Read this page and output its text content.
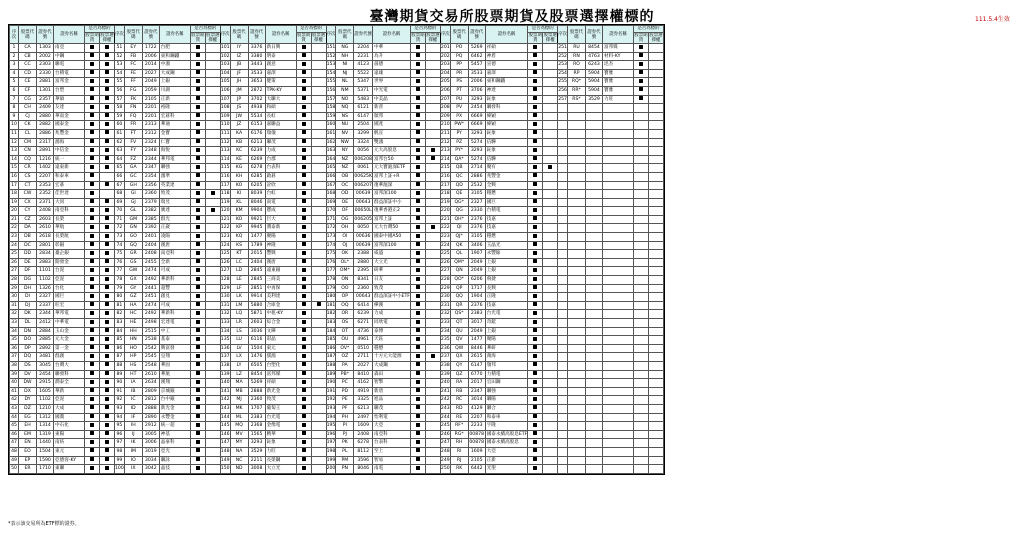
臺灣期貨交易所股票期貨及股票選擇權標的	111.5.4生效
序次	股票代碼	證券代號	證券名稱	是否為標的		序次	股票代碼	證券代號	證券名稱	是否為標的		序次	股票代碼	證券代號	證券名稱	是否為標的		序次	股票代碼	證券代號	證券名稱	是否為標的		序次	股票代碼	證券代號	證券名稱	是否為標的		序次	股票代碼	證券代號	證券名稱	是否為標的	
				股票期貨	股票選擇權					股票期貨	股票選擇權					股票期貨	股票選擇權					股票期貨	股票選擇權					股票期貨	股票選擇權					股票期貨	股票選擇權
1	CA	1303	南亞			51	EY	1722	台肥			101	IY	3376	新日興			151	NG	2204	中華			201	PO	5269	祥碩			251	RU	8454	富邦媒		
2	CB	2002	中鋼			52	FB	2006	東和鋼鐵			102	IZ	3380	明泰			152	NH	2231	為升			202	PQ	6462	神盾			252	RN	4763	材料-KY		
3	CC	2303	聯電			53	FC	2014	中鴻			103	JB	3443	創意			153	NI	4123	晟德			203	PP	5457	宣德			253	RO	6243	迅杰		
4	CD	2330	台積電			54	FE	2027	大成鋼			104	JF	3533	嘉澤			154	NJ	5522	遠雄			204	PR	3533	嘉澤			254	RP	5904	寶雅		
5	CE	2881	富邦金			55	FF	2049	上銀			105	JH	3653	健策			155	NL	5347	世界			205	PS	2006	東和鋼鐵			255	RQ*	5904	寶雅		
6	CF	1301	台塑			56	FG	2059	川湖			106	JM	2872	TPK-KY			156	NM	5371	中光電			206	PT	3706	神達			256	RR*	5904	寶雅		
7	CG	2357	華碩			57	FK	2105	正新			107	JP	3702	大聯大			157	NO	5483	中美晶			207	PU	3293	鈊象			257	RS*	3529	力旺		
8	CH	2409	友達			58	FN	2201	裕隆			108	JS	4938	和碩			158	NQ	6121	新普			208	PV	2454	聯發科								
9	CJ	2880	華南金			59	FQ	2201	宏碁科			109	JW	5534	長虹			159	NS	6147	頎邦			209	PX	6669	緯穎								
10	CK	2882	國泰金			60	FR	2313	華通			110	JZ	6153	嘉聯益			160	NU	2504	國產			210	PW*	6669	緯穎								
11	CL	2886	兆豐金			61	FT	2312	金寶			111	KA	6176	瑞儀			161	NV	3299	帆宣			211	PY	3293	鈊象								
12	CM	2317	鴻海			62	FV	2324	仁寶			112	KB	6213	聯茂			162	NW	3324	雙鴻			212	PZ	5274	信驊								
13	CN	2891	中信金			63	FY	2348	海悅			113	KC	6239	力成			163	NY	0056	元大高股息			213	PY*	3293	鈊象								
14	CQ	1216	統一			64	FZ	2344	華邦電			114	KE	6269	台郡			164	NZ	006208	富邦台50			214	QA*	5274	信驊								
15	CR	1402	遠東新			65	GA	2347	聯強			115	KG	6278	台表科			165	NZ	0061	元大寶滬深ETF			215	QB	2714	聚有								
16	CS	2207	和泰車			66	GC	2354	鴻準			116	KH	6285	啟碁			166	OB	00625K	富邦上証+R			216	QC	2886	兆豐金								
17	CT	2353	宏碁			67	GH	2356	英業達			117	KO	6205	詮欣			167	OC	006207	復華滬深			217	QD	2532	全興								
18	CW	2352	佳世達			68	GI	2360	致茂			118	KI	8039	台虹			168	OD	00639	富邦深100			218	QE	3105	穩懋								
19	CX	2371	大同			69	GJ	2379	瑞昱			119	KL	8046	南電			169	OE	00643	群益深証中小			219	QG*	2327	國巨								
20	CY	2408	南亞科			70	GL	2382	廣達			120	KM	9904	寶成			170	OF	00650L	復華香港正2			220	QG	2330	台積電								
21	CZ	2603	長榮			71	GM	2385	群光			121	KO	9921	巨大			171	OG	006205	富邦上証			221	QH*	2376	技嘉								
22	DA	2610	華航			72	GN	2392	正崴			122	KP	9945	潤泰新			172	OH	0050	元大台灣50			222	QI	2376	技嘉								
23	DB	2618	長榮航			73	GO	2401	凌陽			123	KQ	1477	聚陽			173	OI	00636	國泰中國A50			223	QJ*	3105	穩懋								
24	DC	2801	彰銀			74	GQ	2404	漢唐			124	KS	1789	神隆			174	OJ	00639	富邦深100			224	QK	3406	玉晶光								
25	DD	2834	臺企銀			75	GR	2408	南亞科			125	KT	2015	豐興			175	OK	2388	威盛			225	QL	1907	永豐餘								
26	DE	2883	開發金			76	GS	2455	全新			126	LC	2404	漢唐			176	OL*	2880	大立光			226	QM*	2049	上銀								
27	DF	1101	台泥			77	GW	2474	可成			127	LD	2845	遠東銀			177	OM*	2395	研華			227	QN	2049	上銀								
28	DG	1102	亞泥			78	GX	2492	華新科			128	LE	2845	三商美			178	ON	8341	日友			228	QO*	6206	飛捷								
29	DH	1326	台化			79	GY	2441	超豐			129	LF	2851	中再保			179	OO	2360	致茂			229	QP	1717	長興								
30	DI	2327	國巨			80	GZ	2451	創見			130	LK	9914	美利達			180	OP	00643	群益深証中小ETF			230	QQ	1904	正隆								
31	DJ	2337	旺宏			81	HA	2474	可成			131	LM	5880	合庫金			181	OQ	6414	樺漢			231	QR	2376	技嘉								
32	DK	2344	華邦電			82	HC	2492	華新科			132	LQ	5871	中租-KY			182	OR	6239	力成			232	QS*	2383	台光電								
33	DL	2412	中華電			83	HE	2498	宏達電			133	LR	2603	綜合金			183	OS	6271	同欣電			233	QT	3017	奇鋐								
34	DN	2884	玉山金			84	HH	2515	中工			134	LS	3036	文曄			184	OT	4736	泰博			234	QU	2049	上銀								
35	DO	2885	元大金			85	HN	2538	基泰			135	LU	6116	彩晶			185	OU	4961	天鈺			235	QV	1477	聚陽								
36	DP	2892	第一金			86	HO	2542	興富發			136	LV	1504	東元			186	OV*	0510	穩懋			236	QW	8446	華研								
37	DQ	3481	群創			87	HP	2545	皇翔			137	LX	1476	儒鴻			187	OZ	2711	十方元大能源			237	QX	2615	萬海								
38	DS	3045	台灣大			88	HS	2548	華固			138	LY	6505	台塑化			188	PA	2027	大成鋼			238	QY	6147	頎邦								
39	DV	2454	聯發科			89	HT	2610	華航			139	LZ	8454	富邦媒			189	PB*	8410	森田			239	QZ	6770	力積電								
40	DW	2915	潤泰全			90	IA	2634	漢翔			140	MA	5269	祥碩			190	PC	4162	智擎			240	RA	2017	官田鋼								
41	DX	1605	華新			91	IB	2809	京城銀			141	MB	2888	新光金			191	PD	4919	新唐			241	RB	2347	聯強								
42	DY	1102	亞泥			92	IC	2812	台中銀			142	MJ	2360	致茂			192	PE	3325	旭品			242	RC	3014	聯陽								
43	DZ	1210	大成			93	ID	2888	新光金			143	MK	1707	葡萄王			193	PF	6213	聯茂			243	RD	4129	聯合								
44	EG	1312	國喬			94	IF	2890	永豐金			144	ML	2383	台光電			194	PH	2497	怡利電			244	RE	2207	和泰車								
45	EH	1314	中石化			95	IH	2912	統一超			145	MQ	2368	金像電			195	PI	1609	大亞			245	RF*	2233	宇隆								
46	EM	1319	東陽			96	IJ	3005	神基			146	MV	1565	精華			196	PJ	2408	南亞科			246	RG*	00878	國泰永續高股息ETF								
47	EN	1440	南紡			97	IK	3006	晶豪科			147	MY	3293	鈊象			197	PK	6278	台表科			247	RH	00878	國泰永續高股息								
48	EO	1504	東元			98	IM	3019	亞光			148	NA	3529	力旺			198	PL	8112	至上			248	RI	1609	大亞								
49	EP	1590	亞德客-KY			99	IO	3034	聯詠			149	NC	2211	長榮鋼			199	PM	3596	智易			249	RJ	2105	正新								
50	ER	1710	東聯			100	IX	3042	晶技			150	ND	3008	大立光			200	PN	8046	南電			250	RK	6442	光聖								
*表示該交易所為ETF標的證券。
